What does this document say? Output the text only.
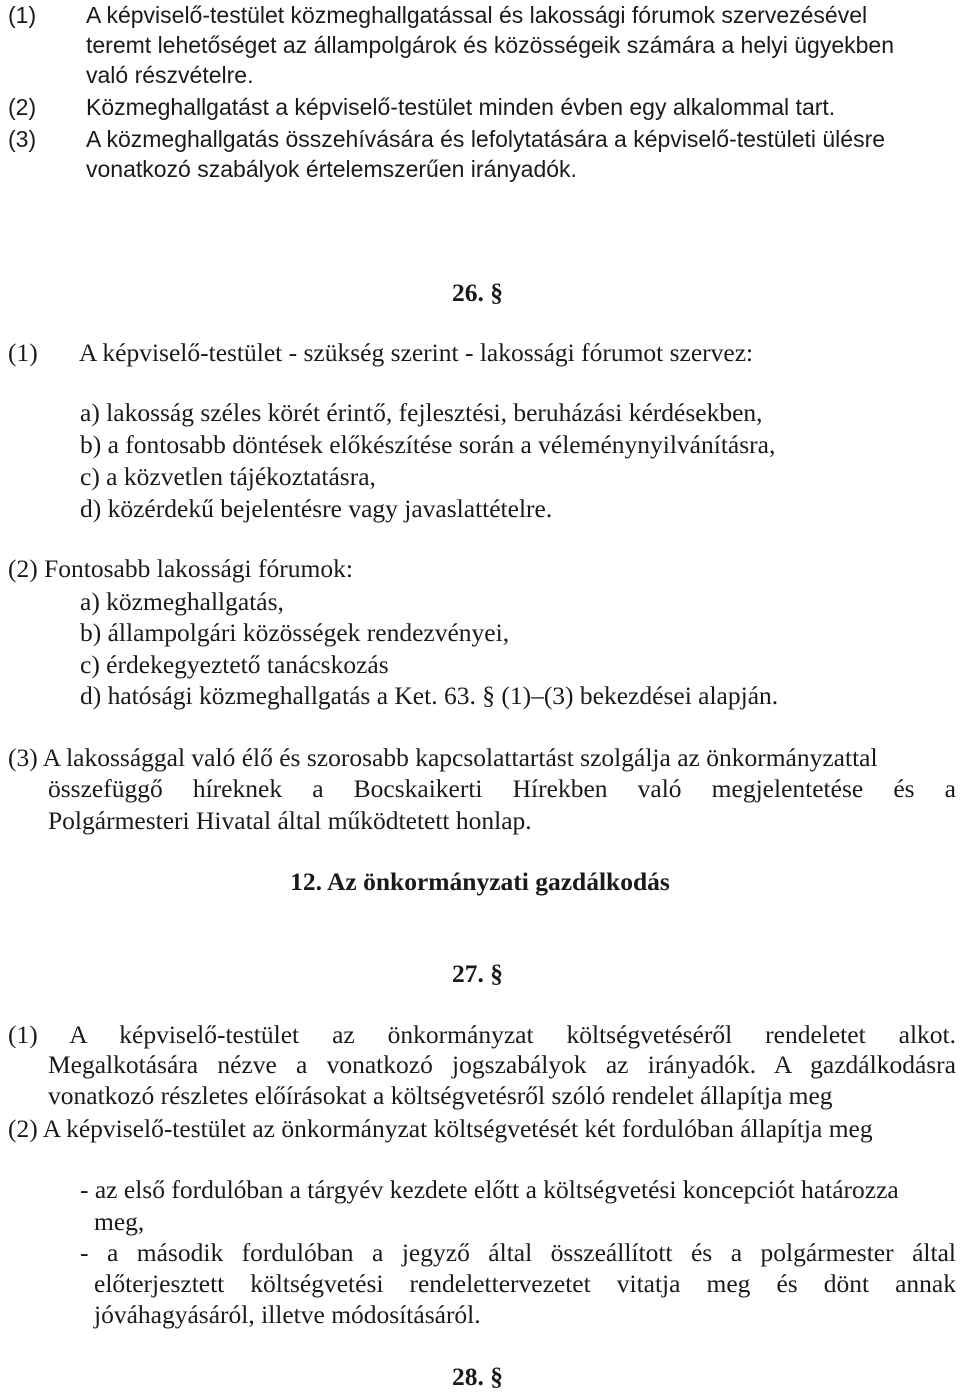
(1) A képviselő-testület közmeghallgatással és lakossági fórumok szervezésével
teremt lehetőséget az állampolgárok és közösségeik számára a helyi ügyekben
való részvételre.
(2) Közmeghallgatást a képviselő-testület minden évben egy alkalommal tart.
(3) A közmeghallgatás összehívására és lefolytatására a képviselő-testületi ülésre
vonatkozó szabályok értelemszerűen irányadók.
26. §
(1) A képviselő-testület - szükség szerint - lakossági fórumot szervez:
a) lakosság széles körét érintő, fejlesztési, beruházási kérdésekben,
b) a fontosabb döntések előkészítése során a véleménynyilvánításra,
c) a közvetlen tájékoztatásra,
d) közérdekű bejelentésre vagy javaslattételre.
(2) Fontosabb lakossági fórumok:
a) közmeghallgatás,
b) állampolgári közösségek rendezvényei,
c) érdekegyeztető tanácskozás
d) hatósági közmeghallgatás a Ket. 63. § (1)–(3) bekezdései alapján.
(3) A lakossággal való élő és szorosabb kapcsolattartást szolgálja az önkormányzattal
összefüggő híreknek a Bocskaikerti Hírekben való megjelentetése és a
Polgármesteri Hivatal által működtetett honlap.
12. Az önkormányzati gazdálkodás
27. §
(1) A képviselő-testület az önkormányzat költségvetéséről rendeletet alkot.
Megalkotására nézve a vonatkozó jogszabályok az irányadók. A gazdálkodásra
vonatkozó részletes előírásokat a költségvetésről szóló rendelet állapítja meg
(2) A képviselő-testület az önkormányzat költségvetését két fordulóban állapítja meg
- az első fordulóban a tárgyév kezdete előtt a költségvetési koncepciót határozza
meg,
- a második fordulóban a jegyző által összeállított és a polgármester által
előterjesztett költségvetési rendelettervezetet vitatja meg és dönt annak
jóváhagyásáról, illetve módosításáról.
28. §
